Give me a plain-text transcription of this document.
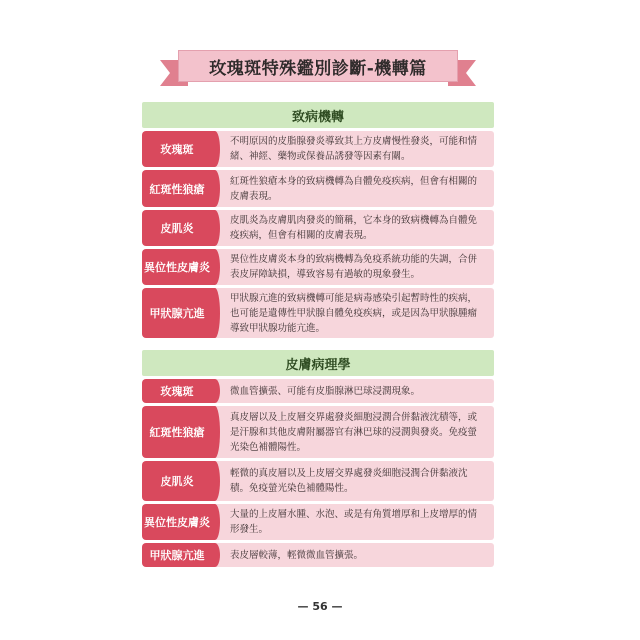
玫瑰斑特殊鑑別診斷-機轉篇
致病機轉
玫瑰斑
不明原因的皮脂腺發炎導致其上方皮膚慢性發炎，可能和情緒、神經、藥物或保養品誘發等因素有關。
紅斑性狼瘡
紅斑性狼瘡本身的致病機轉為自體免疫疾病，但會有相關的皮膚表現。
皮肌炎
皮肌炎為皮膚肌肉發炎的簡稱，它本身的致病機轉為自體免疫疾病，但會有相關的皮膚表現。
異位性皮膚炎
異位性皮膚炎本身的致病機轉為免疫系統功能的失調，合併表皮屏障缺損，導致容易有過敏的現象發生。
甲狀腺亢進
甲狀腺亢進的致病機轉可能是病毒感染引起暫時性的疾病，也可能是遺傳性甲狀腺自體免疫疾病，或是因為甲狀腺腫瘤導致甲狀腺功能亢進。
皮膚病理學
玫瑰斑	微血管擴張、可能有皮脂腺淋巴球浸潤現象。
紅斑性狼瘡
真皮層以及上皮層交界處發炎細胞浸潤合併黏液沈積等，或是汗腺和其他皮膚附屬器官有淋巴球的浸潤與發炎。免疫螢光染色補體陽性。
皮肌炎
輕微的真皮層以及上皮層交界處發炎細胞浸潤合併黏液沈積。免疫螢光染色補體陽性。
異位性皮膚炎
大量的上皮層水腫、水泡、或是有角質增厚和上皮增厚的情形發生。
甲狀腺亢進	表皮層較薄，輕微微血管擴張。
— 56 —
